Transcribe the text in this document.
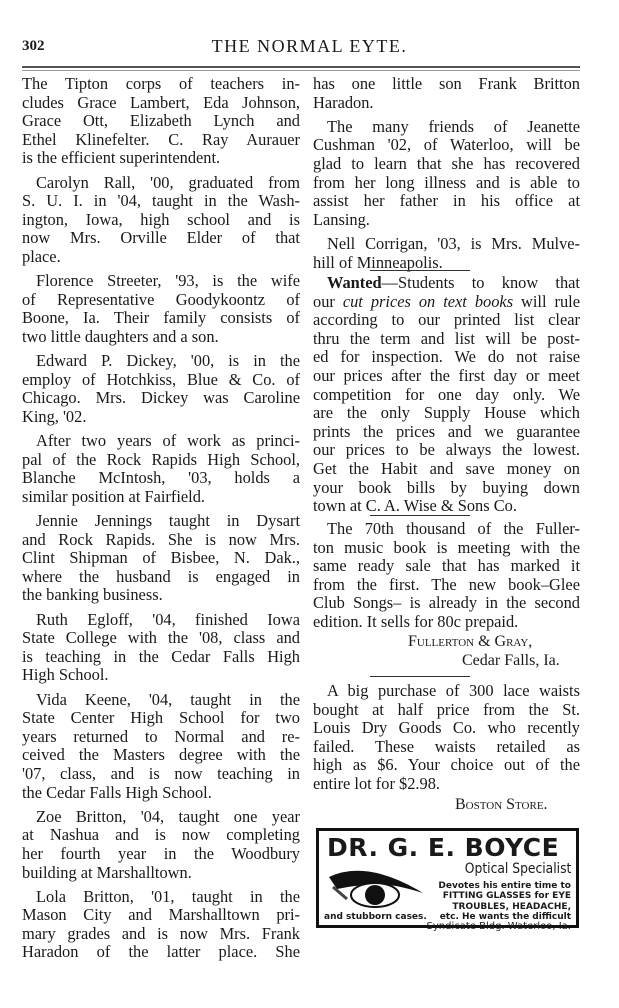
302	THE NORMAL EYTE.
The Tipton corps of teachers in-
cludes Grace Lambert, Eda Johnson,
Grace Ott, Elizabeth Lynch and
Ethel Klinefelter. C. Ray Aurauer
is the efficient superintendent.
Carolyn Rall, '00, graduated from
S. U. I. in '04, taught in the Wash-
ington, Iowa, high school and is
now Mrs. Orville Elder of that
place.
Florence Streeter, '93, is the wife
of Representative Goodykoontz of
Boone, Ia. Their family consists of
two little daughters and a son.
Edward P. Dickey, '00, is in the
employ of Hotchkiss, Blue & Co. of
Chicago. Mrs. Dickey was Caroline
King, '02.
After two years of work as princi-
pal of the Rock Rapids High School,
Blanche McIntosh, '03, holds a
similar position at Fairfield.
Jennie Jennings taught in Dysart
and Rock Rapids. She is now Mrs.
Clint Shipman of Bisbee, N. Dak.,
where the husband is engaged in
the banking business.
Ruth Egloff, '04, finished Iowa
State College with the '08, class and
is teaching in the Cedar Falls High
High School.
Vida Keene, '04, taught in the
State Center High School for two
years returned to Normal and re-
ceived the Masters degree with the
'07, class, and is now teaching in
the Cedar Falls High School.
Zoe Britton, '04, taught one year
at Nashua and is now completing
her fourth year in the Woodbury
building at Marshalltown.
Lola Britton, '01, taught in the
Mason City and Marshalltown pri-
mary grades and is now Mrs. Frank
Haradon of the latter place. She
has one little son Frank Britton
Haradon.
The many friends of Jeanette
Cushman '02, of Waterloo, will be
glad to learn that she has recovered
from her long illness and is able to
assist her father in his office at
Lansing.
Nell Corrigan, '03, is Mrs. Mulve-
hill of Minneapolis.
Wanted—Students to know that
our cut prices on text books will rule
according to our printed list clear
thru the term and list will be post-
ed for inspection. We do not raise
our prices after the first day or meet
competition for one day only. We
are the only Supply House which
prints the prices and we guarantee
our prices to be always the lowest.
Get the Habit and save money on
your book bills by buying down
town at C. A. Wise & Sons Co.
The 70th thousand of the Fuller-
ton music book is meeting with the
same ready sale that has marked it
from the first. The new book–Glee
Club Songs– is already in the second
edition. It sells for 80c prepaid.
Fullerton & Gray,
Cedar Falls, Ia.
A big purchase of 300 lace waists
bought at half price from the St.
Louis Dry Goods Co. who recently
failed. These waists retailed as
high as $6. Your choice out of the
entire lot for $2.98.
Boston Store.
DR. G. E. BOYCE
Optical Specialist
Devotes his entire time to
FITTING GLASSES for EYE
TROUBLES, HEADACHE,
etc. He wants the difficult
Syndicate Bldg. Waterloo, Ia.
and stubborn cases.
